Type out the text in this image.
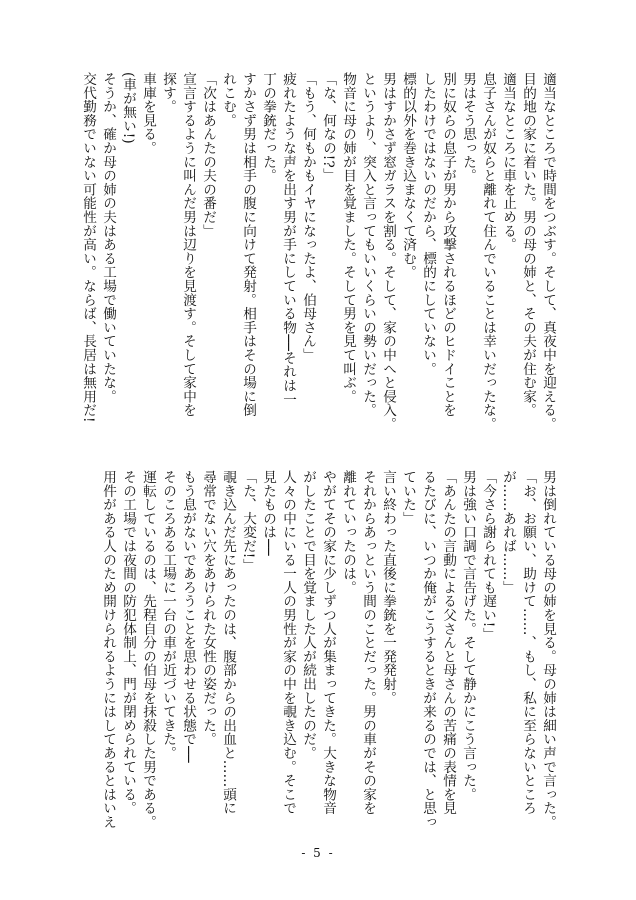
適当なところで時間をつぶす。そして、真夜中を迎える。
目的地の家に着いた。男の母の姉と、その夫が住む家。
適当なところに車を止める。
息子さんが奴らと離れて住んでいることは幸いだったな。
男はそう思った。
別に奴らの息子が男から攻撃されるほどのヒドイことを
したわけではないのだから、標的にしていない。
標的以外を巻き込まなくて済む。
男はすかさず窓ガラスを割る。そして、家の中へと侵入。
というより、突入と言ってもいいくらいの勢いだった。
物音に母の姉が目を覚ました。そして男を見て叫ぶ。
「な、何なの!?」
「もう、何もかもイヤになったよ、伯母さん」
疲れたような声を出す男が手にしている物──それは一
丁の拳銃だった。
すかさず男は相手の腹に向けて発射。相手はその場に倒
れこむ。
「次はあんたの夫の番だ」
宣言するように叫んだ男は辺りを見渡す。そして家中を
探す。
車庫を見る。
(車が無い!)
そうか、確か母の姉の夫はある工場で働いていたな。
交代勤務でいない可能性が高い。ならば、長居は無用だ!
男は倒れている母の姉を見る。母の姉は細い声で言った。
「お、お願い、助けて……、もし、私に至らないところ
が……あれば……」
「今さら謝られても遅い!」
男は強い口調で言告げた。そして静かにこう言った。
「あんたの言動による父さんと母さんの苦痛の表情を見
るたびに、いつか俺がこうするときが来るのでは、と思っ
ていた」
言い終わった直後に拳銃を一発発射。
それからあっという間のことだった。男の車がその家を
離れていったのは。
やがてその家に少しずつ人が集まってきた。大きな物音
がしたことで目を覚ました人が続出したのだ。
人々の中にいる一人の男性が家の中を覗き込む。そこで
見たものは──
「た、大変だ!」
覗き込んだ先にあったのは、腹部からの出血と……頭に
尋常でない穴をあけられた女性の姿だった。
もう息がないであろうことを思わせる状態で──
そのころある工場に一台の車が近づいてきた。
運転しているのは、先程自分の伯母を抹殺した男である。
その工場では夜間の防犯体制上、門が閉められている。
用件がある人のため開けられるようにはしてあるとはいえ
- 5 -
